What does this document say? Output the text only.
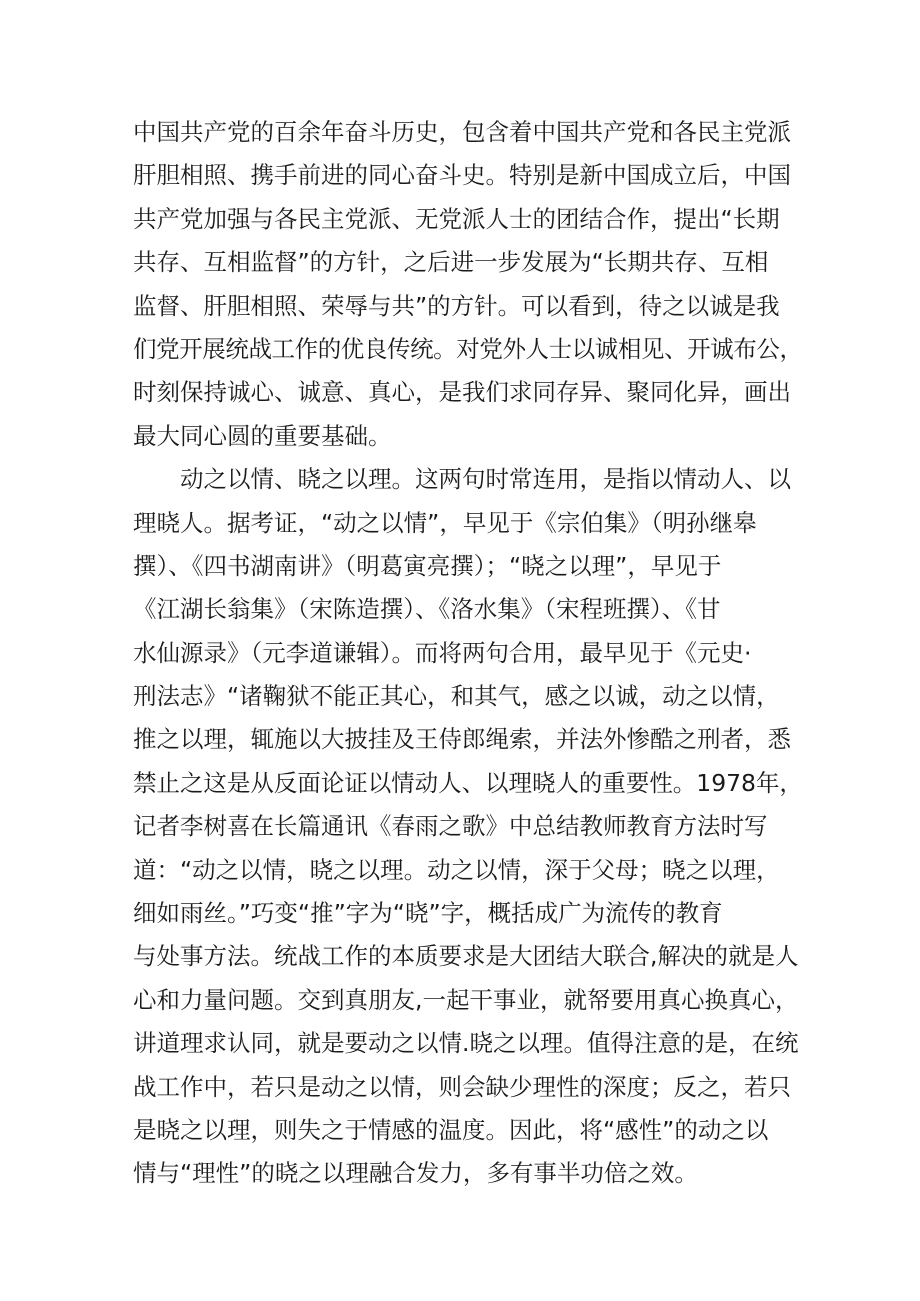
中国共产党的百余年奋斗历史，包含着中国共产党和各民主党派
肝胆相照、携手前进的同心奋斗史。特别是新中国成立后，中国
共产党加强与各民主党派、无党派人士的团结合作，提出“长期
共存、互相监督”的方针，之后进一步发展为“长期共存、互相
监督、肝胆相照、荣辱与共”的方针。可以看到，待之以诚是我
们党开展统战工作的优良传统。对党外人士以诚相见、开诚布公，
时刻保持诚心、诚意、真心，是我们求同存异、聚同化异，画出
最大同心圆的重要基础。
动之以情、晓之以理。这两句时常连用，是指以情动人、以
理晓人。据考证，“动之以情”，早见于《宗伯集》（明孙继皋
撰）、《四书湖南讲》（明葛寅亮撰）；“晓之以理”，早见于
《江湖长翁集》（宋陈造撰）、《洛水集》（宋程班撰）、《甘
水仙源录》（元李道谦辑）。而将两句合用，最早见于《元史·
刑法志》“诸鞠狱不能正其心，和其气，感之以诚，动之以情，
推之以理，辄施以大披挂及王侍郎绳索，并法外惨酷之刑者，悉
禁止之这是从反面论证以情动人、以理晓人的重要性。1978年，
记者李树喜在长篇通讯《春雨之歌》中总结教师教育方法时写
道：“动之以情，晓之以理。动之以情，深于父母；晓之以理，
细如雨丝。”巧变“推”字为“晓”字，概括成广为流传的教育
与处事方法。统战工作的本质要求是大团结大联合,解决的就是人
心和力量问题。交到真朋友,一起干事业，就帑要用真心换真心，
讲道理求认同，就是要动之以情.晓之以理。值得注意的是，在统
战工作中，若只是动之以情，则会缺少理性的深度；反之，若只
是晓之以理，则失之于情感的温度。因此，将“感性”的动之以
情与“理性”的晓之以理融合发力，多有事半功倍之效。
